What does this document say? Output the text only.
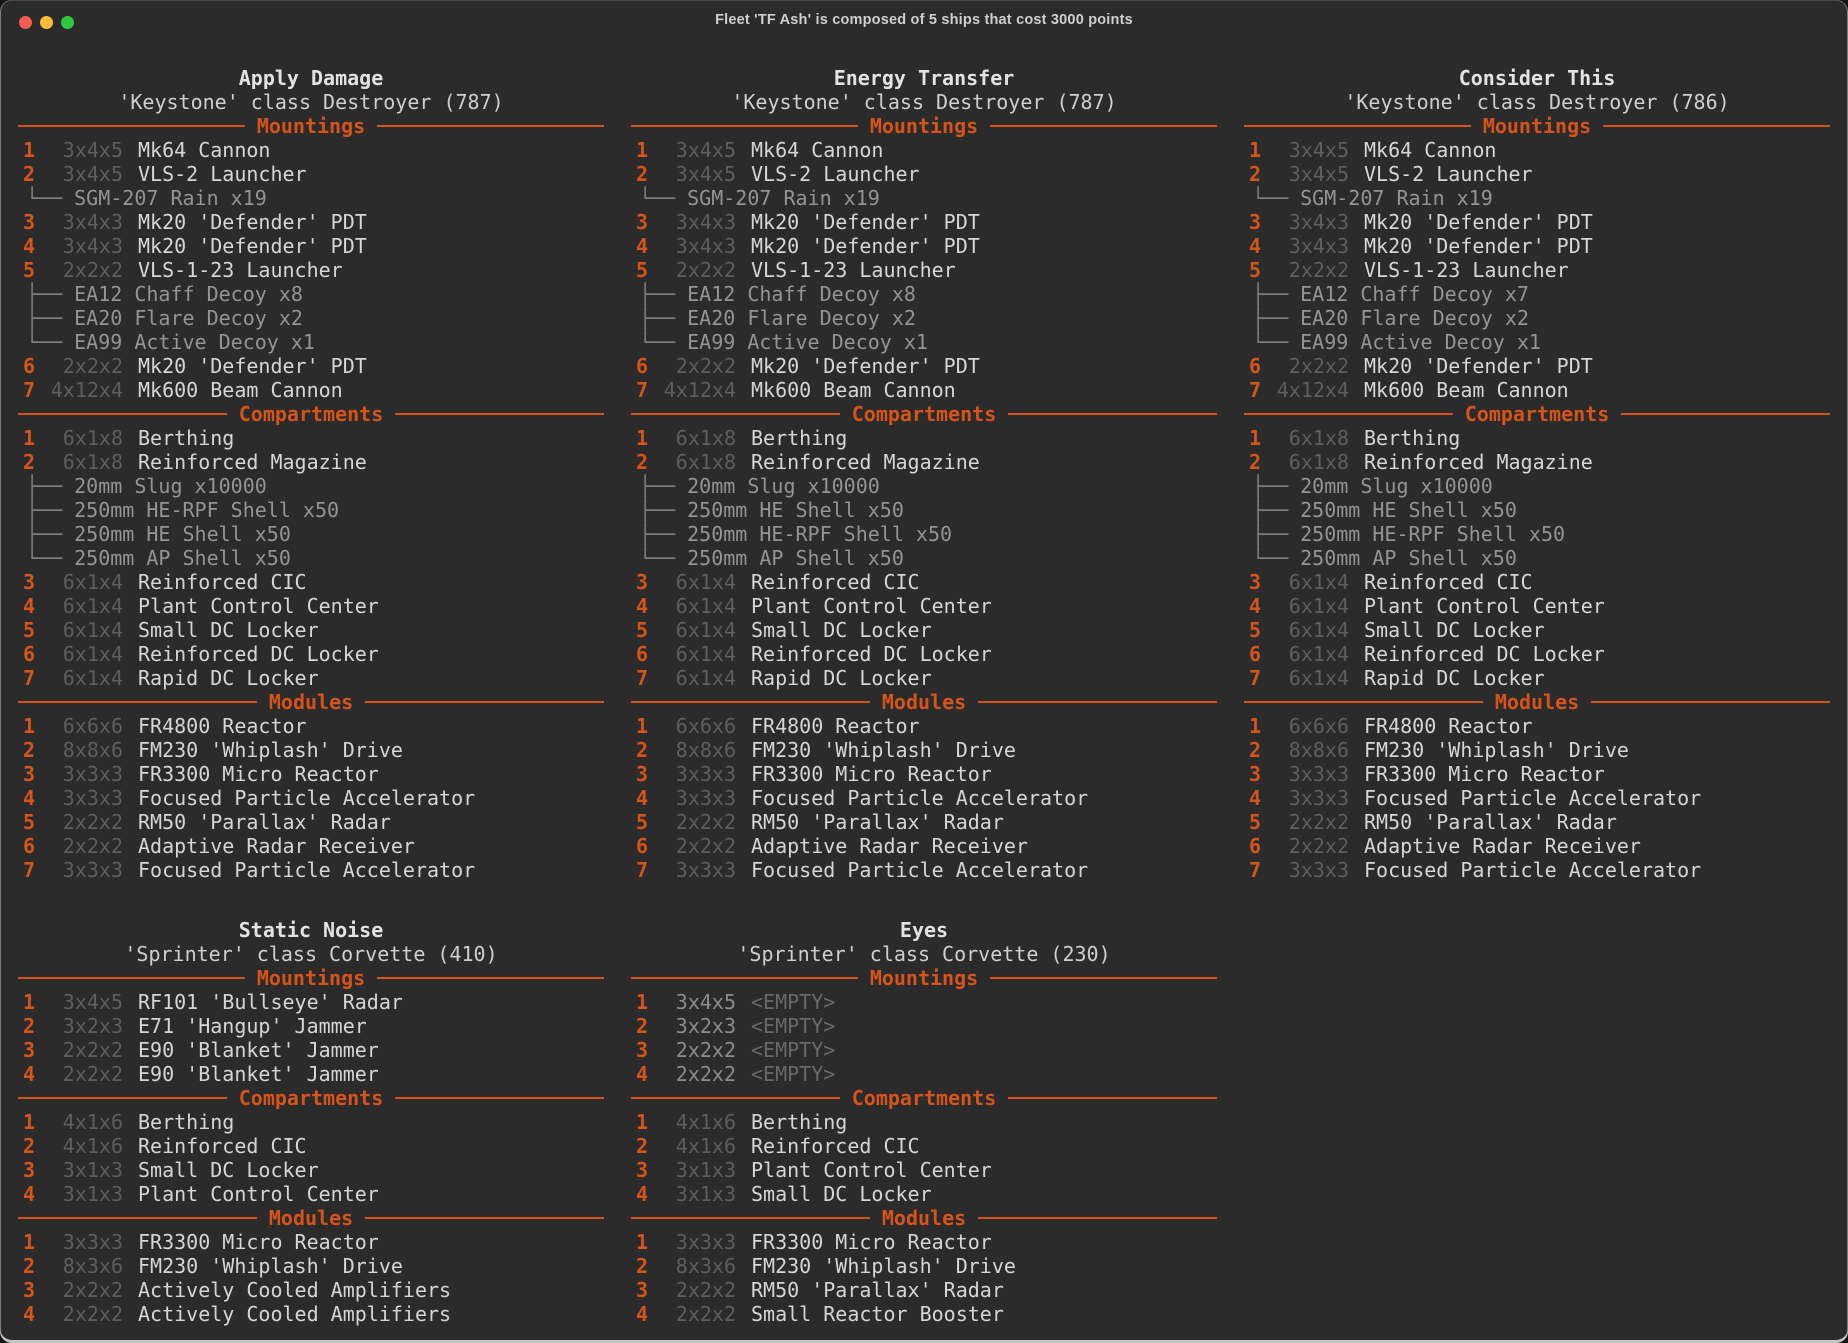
Fleet 'TF Ash' is composed of 5 ships that cost 3000 points
Apply Damage
'Keystone' class Destroyer (787)
Mountings
1	3x4x5 Mk64 Cannon
2	3x4x5 VLS-2 Launcher
└── SGM-207 Rain x19
3	3x4x3 Mk20 'Defender' PDT
4	3x4x3 Mk20 'Defender' PDT
5	2x2x2 VLS-1-23 Launcher
├── EA12 Chaff Decoy x8
├── EA20 Flare Decoy x2
└── EA99 Active Decoy x1
6	2x2x2 Mk20 'Defender' PDT
7 4x12x4 Mk600 Beam Cannon
Compartments
1	6x1x8 Berthing
2	6x1x8 Reinforced Magazine
├── 20mm Slug x10000
├── 250mm HE-RPF Shell x50
├── 250mm HE Shell x50
└── 250mm AP Shell x50
3	6x1x4 Reinforced CIC
4	6x1x4 Plant Control Center
5	6x1x4 Small DC Locker
6	6x1x4 Reinforced DC Locker
7	6x1x4 Rapid DC Locker
Modules
1	6x6x6 FR4800 Reactor
2	8x8x6 FM230 'Whiplash' Drive
3	3x3x3 FR3300 Micro Reactor
4	3x3x3 Focused Particle Accelerator
5	2x2x2 RM50 'Parallax' Radar
6	2x2x2 Adaptive Radar Receiver
7	3x3x3 Focused Particle Accelerator
Energy Transfer
'Keystone' class Destroyer (787)
Mountings
1	3x4x5 Mk64 Cannon
2	3x4x5 VLS-2 Launcher
└── SGM-207 Rain x19
3	3x4x3 Mk20 'Defender' PDT
4	3x4x3 Mk20 'Defender' PDT
5	2x2x2 VLS-1-23 Launcher
├── EA12 Chaff Decoy x8
├── EA20 Flare Decoy x2
└── EA99 Active Decoy x1
6	2x2x2 Mk20 'Defender' PDT
7 4x12x4 Mk600 Beam Cannon
Compartments
1	6x1x8 Berthing
2	6x1x8 Reinforced Magazine
├── 20mm Slug x10000
├── 250mm HE Shell x50
├── 250mm HE-RPF Shell x50
└── 250mm AP Shell x50
3	6x1x4 Reinforced CIC
4	6x1x4 Plant Control Center
5	6x1x4 Small DC Locker
6	6x1x4 Reinforced DC Locker
7	6x1x4 Rapid DC Locker
Modules
1	6x6x6 FR4800 Reactor
2	8x8x6 FM230 'Whiplash' Drive
3	3x3x3 FR3300 Micro Reactor
4	3x3x3 Focused Particle Accelerator
5	2x2x2 RM50 'Parallax' Radar
6	2x2x2 Adaptive Radar Receiver
7	3x3x3 Focused Particle Accelerator
Consider This
'Keystone' class Destroyer (786)
Mountings
1	3x4x5 Mk64 Cannon
2	3x4x5 VLS-2 Launcher
└── SGM-207 Rain x19
3	3x4x3 Mk20 'Defender' PDT
4	3x4x3 Mk20 'Defender' PDT
5	2x2x2 VLS-1-23 Launcher
├── EA12 Chaff Decoy x7
├── EA20 Flare Decoy x2
└── EA99 Active Decoy x1
6	2x2x2 Mk20 'Defender' PDT
7 4x12x4 Mk600 Beam Cannon
Compartments
1	6x1x8 Berthing
2	6x1x8 Reinforced Magazine
├── 20mm Slug x10000
├── 250mm HE Shell x50
├── 250mm HE-RPF Shell x50
└── 250mm AP Shell x50
3	6x1x4 Reinforced CIC
4	6x1x4 Plant Control Center
5	6x1x4 Small DC Locker
6	6x1x4 Reinforced DC Locker
7	6x1x4 Rapid DC Locker
Modules
1	6x6x6 FR4800 Reactor
2	8x8x6 FM230 'Whiplash' Drive
3	3x3x3 FR3300 Micro Reactor
4	3x3x3 Focused Particle Accelerator
5	2x2x2 RM50 'Parallax' Radar
6	2x2x2 Adaptive Radar Receiver
7	3x3x3 Focused Particle Accelerator
Static Noise
'Sprinter' class Corvette (410)
Mountings
1	3x4x5 RF101 'Bullseye' Radar
2	3x2x3 E71 'Hangup' Jammer
3	2x2x2 E90 'Blanket' Jammer
4	2x2x2 E90 'Blanket' Jammer
Compartments
1	4x1x6 Berthing
2	4x1x6 Reinforced CIC
3	3x1x3 Small DC Locker
4	3x1x3 Plant Control Center
Modules
1	3x3x3 FR3300 Micro Reactor
2	8x3x6 FM230 'Whiplash' Drive
3	2x2x2 Actively Cooled Amplifiers
4	2x2x2 Actively Cooled Amplifiers
Eyes
'Sprinter' class Corvette (230)
Mountings
1	3x4x5 <EMPTY>
2	3x2x3 <EMPTY>
3	2x2x2 <EMPTY>
4	2x2x2 <EMPTY>
Compartments
1	4x1x6 Berthing
2	4x1x6 Reinforced CIC
3	3x1x3 Plant Control Center
4	3x1x3 Small DC Locker
Modules
1	3x3x3 FR3300 Micro Reactor
2	8x3x6 FM230 'Whiplash' Drive
3	2x2x2 RM50 'Parallax' Radar
4	2x2x2 Small Reactor Booster
